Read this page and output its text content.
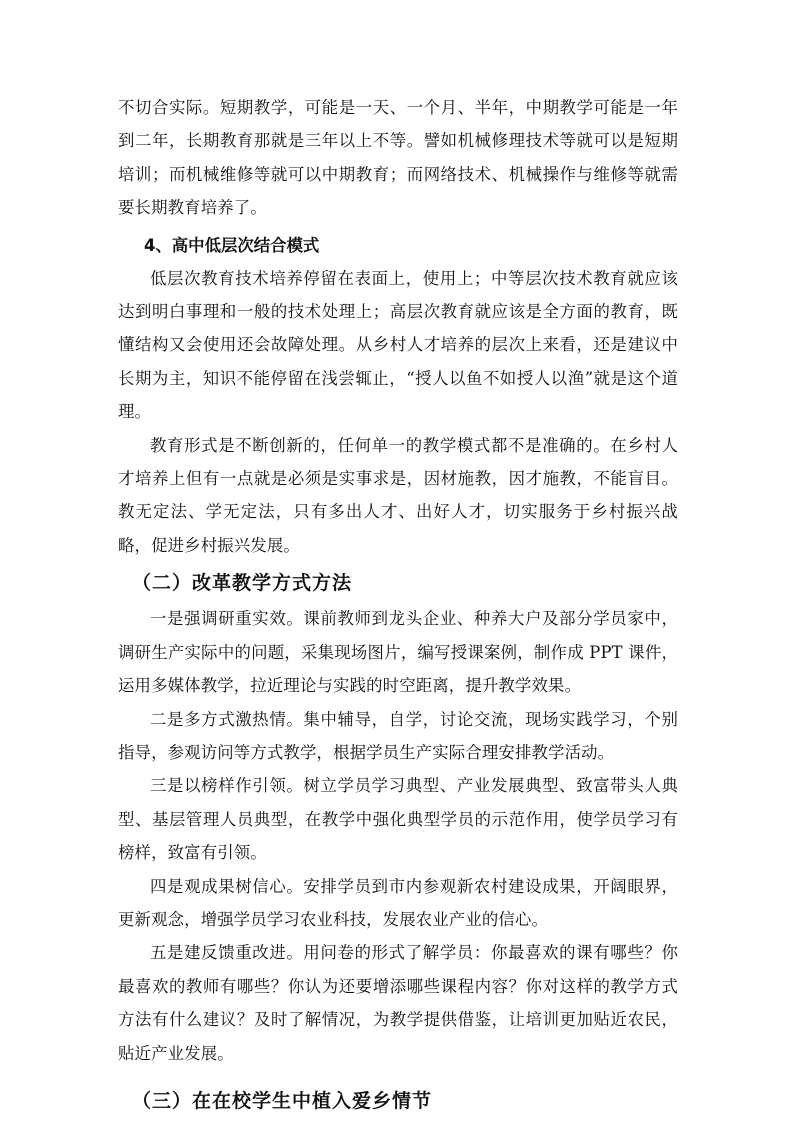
不切合实际。短期教学，可能是一天、一个月、半年，中期教学可能是一年到二年，长期教育那就是三年以上不等。譬如机械修理技术等就可以是短期培训；而机械维修等就可以中期教育；而网络技术、机械操作与维修等就需要长期教育培养了。

4、高中低层次结合模式

低层次教育技术培养停留在表面上，使用上；中等层次技术教育就应该达到明白事理和一般的技术处理上；高层次教育就应该是全方面的教育，既懂结构又会使用还会故障处理。从乡村人才培养的层次上来看，还是建议中长期为主，知识不能停留在浅尝辄止，“授人以鱼不如授人以渔”就是这个道理。

教育形式是不断创新的，任何单一的教学模式都不是准确的。在乡村人才培养上但有一点就是必须是实事求是，因材施教，因才施教，不能盲目。教无定法、学无定法，只有多出人才、出好人才，切实服务于乡村振兴战略，促进乡村振兴发展。

（二）改革教学方式方法

一是强调研重实效。课前教师到龙头企业、种养大户及部分学员家中，调研生产实际中的问题，采集现场图片，编写授课案例，制作成 PPT 课件，运用多媒体教学，拉近理论与实践的时空距离，提升教学效果。

二是多方式激热情。集中辅导，自学，讨论交流，现场实践学习，个别指导，参观访问等方式教学，根据学员生产实际合理安排教学活动。

三是以榜样作引领。树立学员学习典型、产业发展典型、致富带头人典型、基层管理人员典型，在教学中强化典型学员的示范作用，使学员学习有榜样，致富有引领。

四是观成果树信心。安排学员到市内参观新农村建设成果，开阔眼界，更新观念，增强学员学习农业科技，发展农业产业的信心。

五是建反馈重改进。用问卷的形式了解学员：你最喜欢的课有哪些？你最喜欢的教师有哪些？你认为还要增添哪些课程内容？你对这样的教学方式方法有什么建议？及时了解情况，为教学提供借鉴，让培训更加贴近农民，贴近产业发展。

（三）在在校学生中植入爱乡情节
